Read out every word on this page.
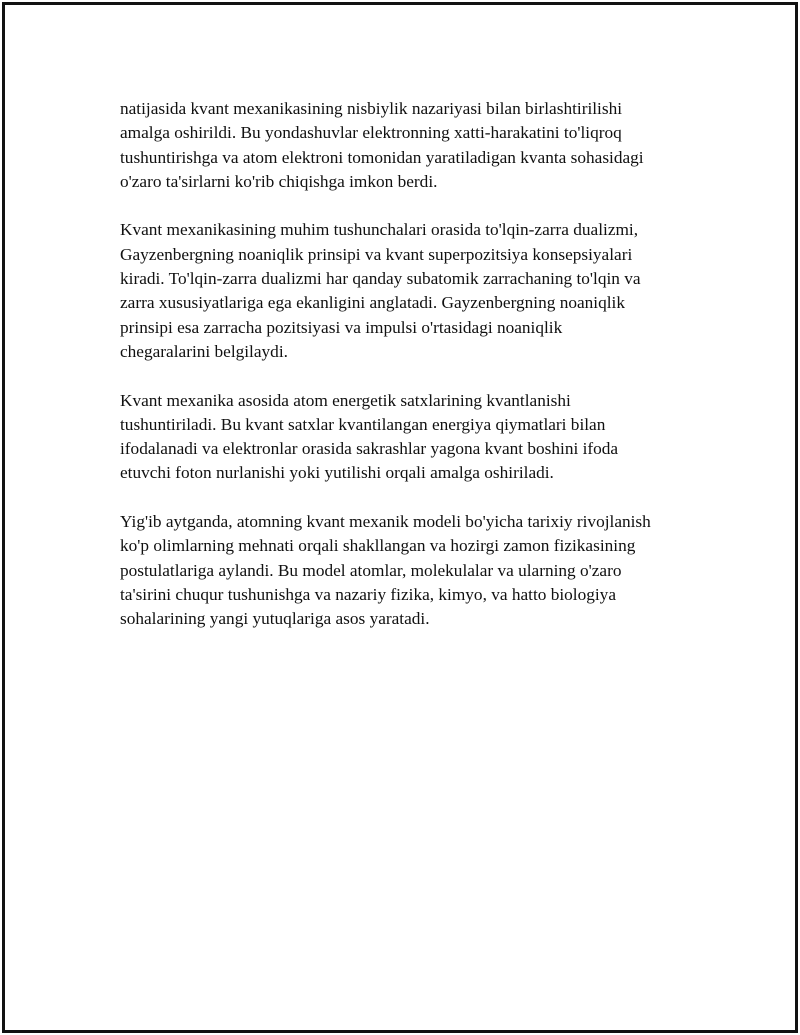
natijasida kvant mexanikasining nisbiylik nazariyasi bilan birlashtirilishi
amalga oshirildi. Bu yondashuvlar elektronning xatti-harakatini to'liqroq
tushuntirishga va atom elektroni tomonidan yaratiladigan kvanta sohasidagi
o'zaro ta'sirlarni ko'rib chiqishga imkon berdi.

Kvant mexanikasining muhim tushunchalari orasida to'lqin-zarra dualizmi,
Gayzenbergning noaniqlik prinsipi va kvant superpozitsiya konsepsiyalari
kiradi. To'lqin-zarra dualizmi har qanday subatomik zarrachaning to'lqin va
zarra xususiyatlariga ega ekanligini anglatadi. Gayzenbergning noaniqlik
prinsipi esa zarracha pozitsiyasi va impulsi o'rtasidagi noaniqlik
chegaralarini belgilaydi.

Kvant mexanika asosida atom energetik satxlarining kvantlanishi
tushuntiriladi. Bu kvant satxlar kvantilangan energiya qiymatlari bilan
ifodalanadi va elektronlar orasida sakrashlar yagona kvant boshini ifoda
etuvchi foton nurlanishi yoki yutilishi orqali amalga oshiriladi.

Yig'ib aytganda, atomning kvant mexanik modeli bo'yicha tarixiy rivojlanish
ko'p olimlarning mehnati orqali shakllangan va hozirgi zamon fizikasining
postulatlariga aylandi. Bu model atomlar, molekulalar va ularning o'zaro
ta'sirini chuqur tushunishga va nazariy fizika, kimyo, va hatto biologiya
sohalarining yangi yutuqlariga asos yaratadi.
